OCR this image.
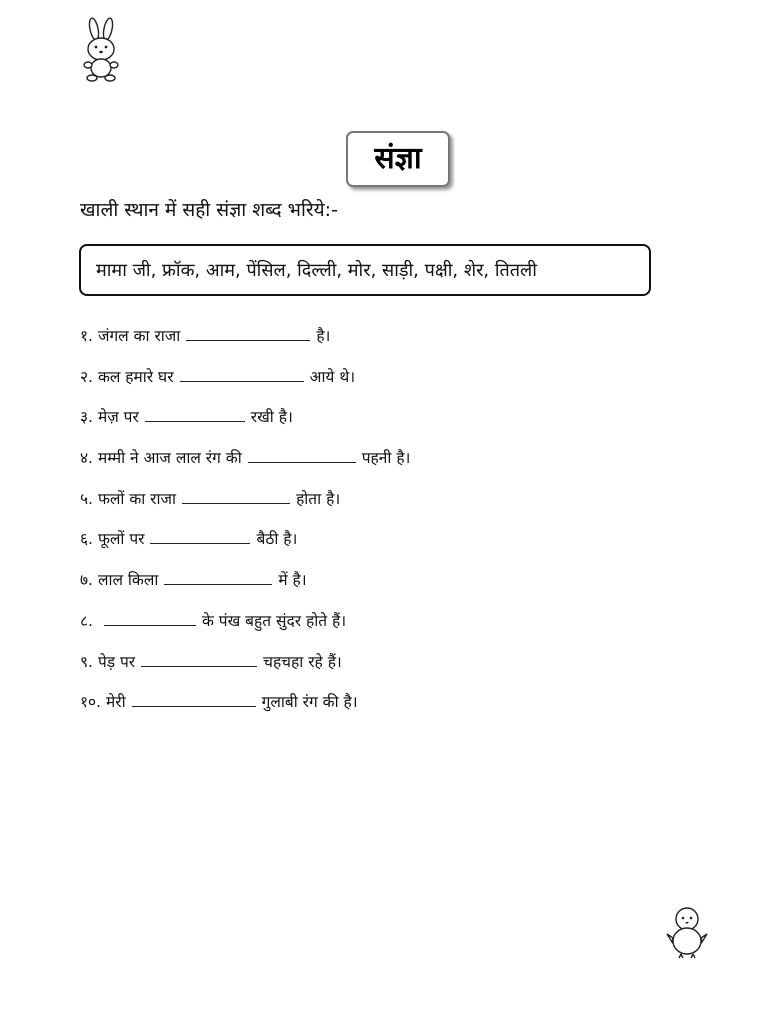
संज्ञा
खाली स्थान में सही संज्ञा शब्द भरिये:-
मामा जी, फ्रॉक, आम, पेंसिल, दिल्ली, मोर, साड़ी, पक्षी, शेर, तितली
१.
जंगल का राजा	है।
२.
कल हमारे घर	आये थे।
३.
मेज़ पर	रखी है।
४.
मम्मी ने आज लाल रंग की	पहनी है।
५.
फलों का राजा	होता है।
६.
फूलों पर	बैठी है।
७.
लाल किला	में है।
८.
	के पंख बहुत सुंदर होते हैं।
९.
पेड़ पर	चहचहा रहे हैं।
१०.
मेरी	गुलाबी रंग की है।
